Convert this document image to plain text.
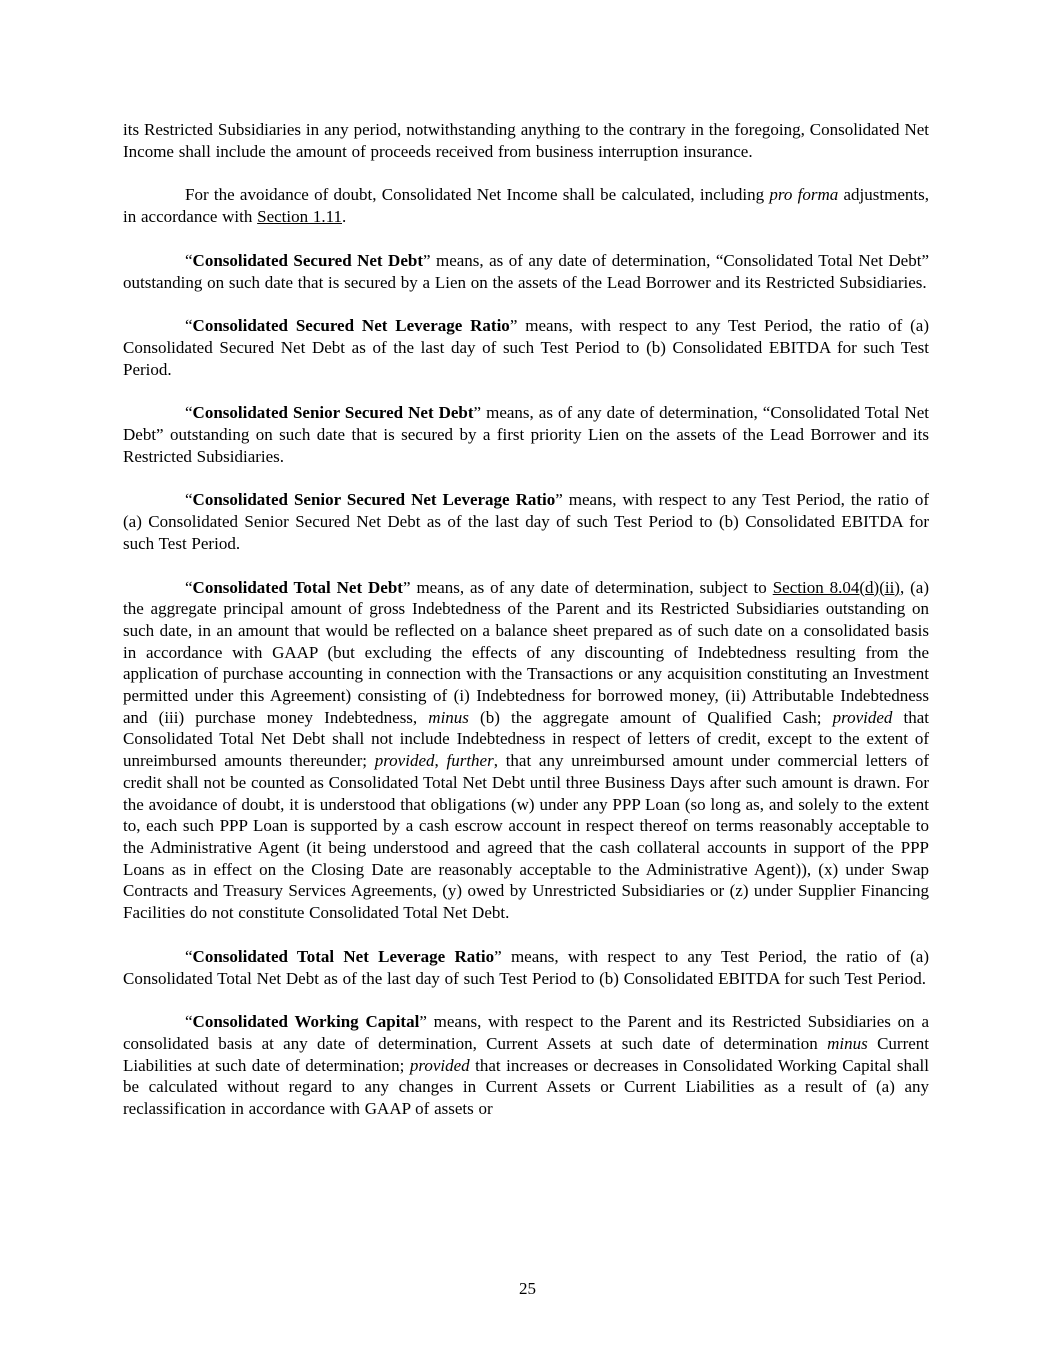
its Restricted Subsidiaries in any period, notwithstanding anything to the contrary in the foregoing, Consolidated Net Income shall include the amount of proceeds received from business interruption insurance.

For the avoidance of doubt, Consolidated Net Income shall be calculated, including pro forma adjustments, in accordance with Section 1.11.

“Consolidated Secured Net Debt” means, as of any date of determination, “Consolidated Total Net Debt” outstanding on such date that is secured by a Lien on the assets of the Lead Borrower and its Restricted Subsidiaries.

“Consolidated Secured Net Leverage Ratio” means, with respect to any Test Period, the ratio of (a) Consolidated Secured Net Debt as of the last day of such Test Period to (b) Consolidated EBITDA for such Test Period.

“Consolidated Senior Secured Net Debt” means, as of any date of determination, “Consolidated Total Net Debt” outstanding on such date that is secured by a first priority Lien on the assets of the Lead Borrower and its Restricted Subsidiaries.

“Consolidated Senior Secured Net Leverage Ratio” means, with respect to any Test Period, the ratio of (a) Consolidated Senior Secured Net Debt as of the last day of such Test Period to (b) Consolidated EBITDA for such Test Period.

“Consolidated Total Net Debt” means, as of any date of determination, subject to Section 8.04(d)(ii), (a) the aggregate principal amount of gross Indebtedness of the Parent and its Restricted Subsidiaries outstanding on such date, in an amount that would be reflected on a balance sheet prepared as of such date on a consolidated basis in accordance with GAAP (but excluding the effects of any discounting of Indebtedness resulting from the application of purchase accounting in connection with the Transactions or any acquisition constituting an Investment permitted under this Agreement) consisting of (i) Indebtedness for borrowed money, (ii) Attributable Indebtedness and (iii) purchase money Indebtedness, minus (b) the aggregate amount of Qualified Cash; provided that Consolidated Total Net Debt shall not include Indebtedness in respect of letters of credit, except to the extent of unreimbursed amounts thereunder; provided, further, that any unreimbursed amount under commercial letters of credit shall not be counted as Consolidated Total Net Debt until three Business Days after such amount is drawn. For the avoidance of doubt, it is understood that obligations (w) under any PPP Loan (so long as, and solely to the extent to, each such PPP Loan is supported by a cash escrow account in respect thereof on terms reasonably acceptable to the Administrative Agent (it being understood and agreed that the cash collateral accounts in support of the PPP Loans as in effect on the Closing Date are reasonably acceptable to the Administrative Agent)), (x) under Swap Contracts and Treasury Services Agreements, (y) owed by Unrestricted Subsidiaries or (z) under Supplier Financing Facilities do not constitute Consolidated Total Net Debt.

“Consolidated Total Net Leverage Ratio” means, with respect to any Test Period, the ratio of (a) Consolidated Total Net Debt as of the last day of such Test Period to (b) Consolidated EBITDA for such Test Period.

“Consolidated Working Capital” means, with respect to the Parent and its Restricted Subsidiaries on a consolidated basis at any date of determination, Current Assets at such date of determination minus Current Liabilities at such date of determination; provided that increases or decreases in Consolidated Working Capital shall be calculated without regard to any changes in Current Assets or Current Liabilities as a result of (a) any reclassification in accordance with GAAP of assets or

25
